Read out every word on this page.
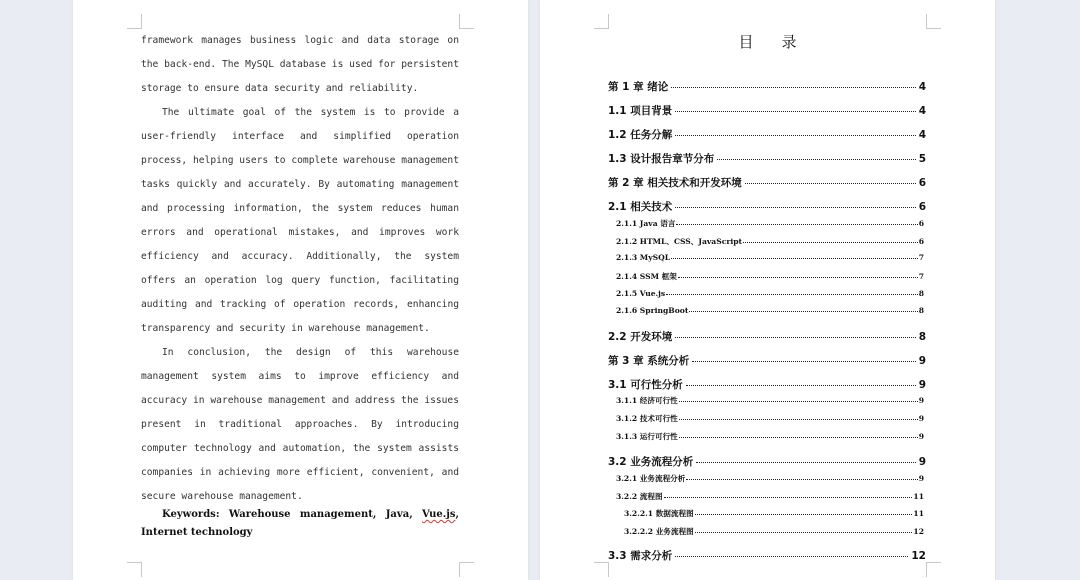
framework manages business logic and data storage on the back-end. The MySQL database is used for persistent storage to ensure data security and reliability.

The ultimate goal of the system is to provide a user-friendly interface and simplified operation process, helping users to complete warehouse management tasks quickly and accurately. By automating management and processing information, the system reduces human errors and operational mistakes, and improves work efficiency and accuracy. Additionally, the system offers an operation log query function, facilitating auditing and tracking of operation records, enhancing transparency and security in warehouse management.

In conclusion, the design of this warehouse management system aims to improve efficiency and accuracy in warehouse management and address the issues present in traditional approaches. By introducing computer technology and automation, the system assists companies in achieving more efficient, convenient, and secure warehouse management.

Keywords: Warehouse management, Java, Vue.js, Internet technology

目录
第 1 章 绪论	4
1.1 项目背景	4
1.2 任务分解	4
1.3 设计报告章节分布	5
第 2 章 相关技术和开发环境	6
2.1 相关技术	6
2.1.1 Java 语言	6
2.1.2 HTML、CSS、JavaScript	6
2.1.3 MySQL	7
2.1.4 SSM 框架	7
2.1.5 Vue.js	8
2.1.6 SpringBoot	8
2.2 开发环境	8
第 3 章 系统分析	9
3.1 可行性分析	9
3.1.1 经济可行性	9
3.1.2 技术可行性	9
3.1.3 运行可行性	9
3.2 业务流程分析	9
3.2.1 业务流程分析	9
3.2.2 流程图	11
3.2.2.1 数据流程图	11
3.2.2.2 业务流程图	12
3.3 需求分析	12
